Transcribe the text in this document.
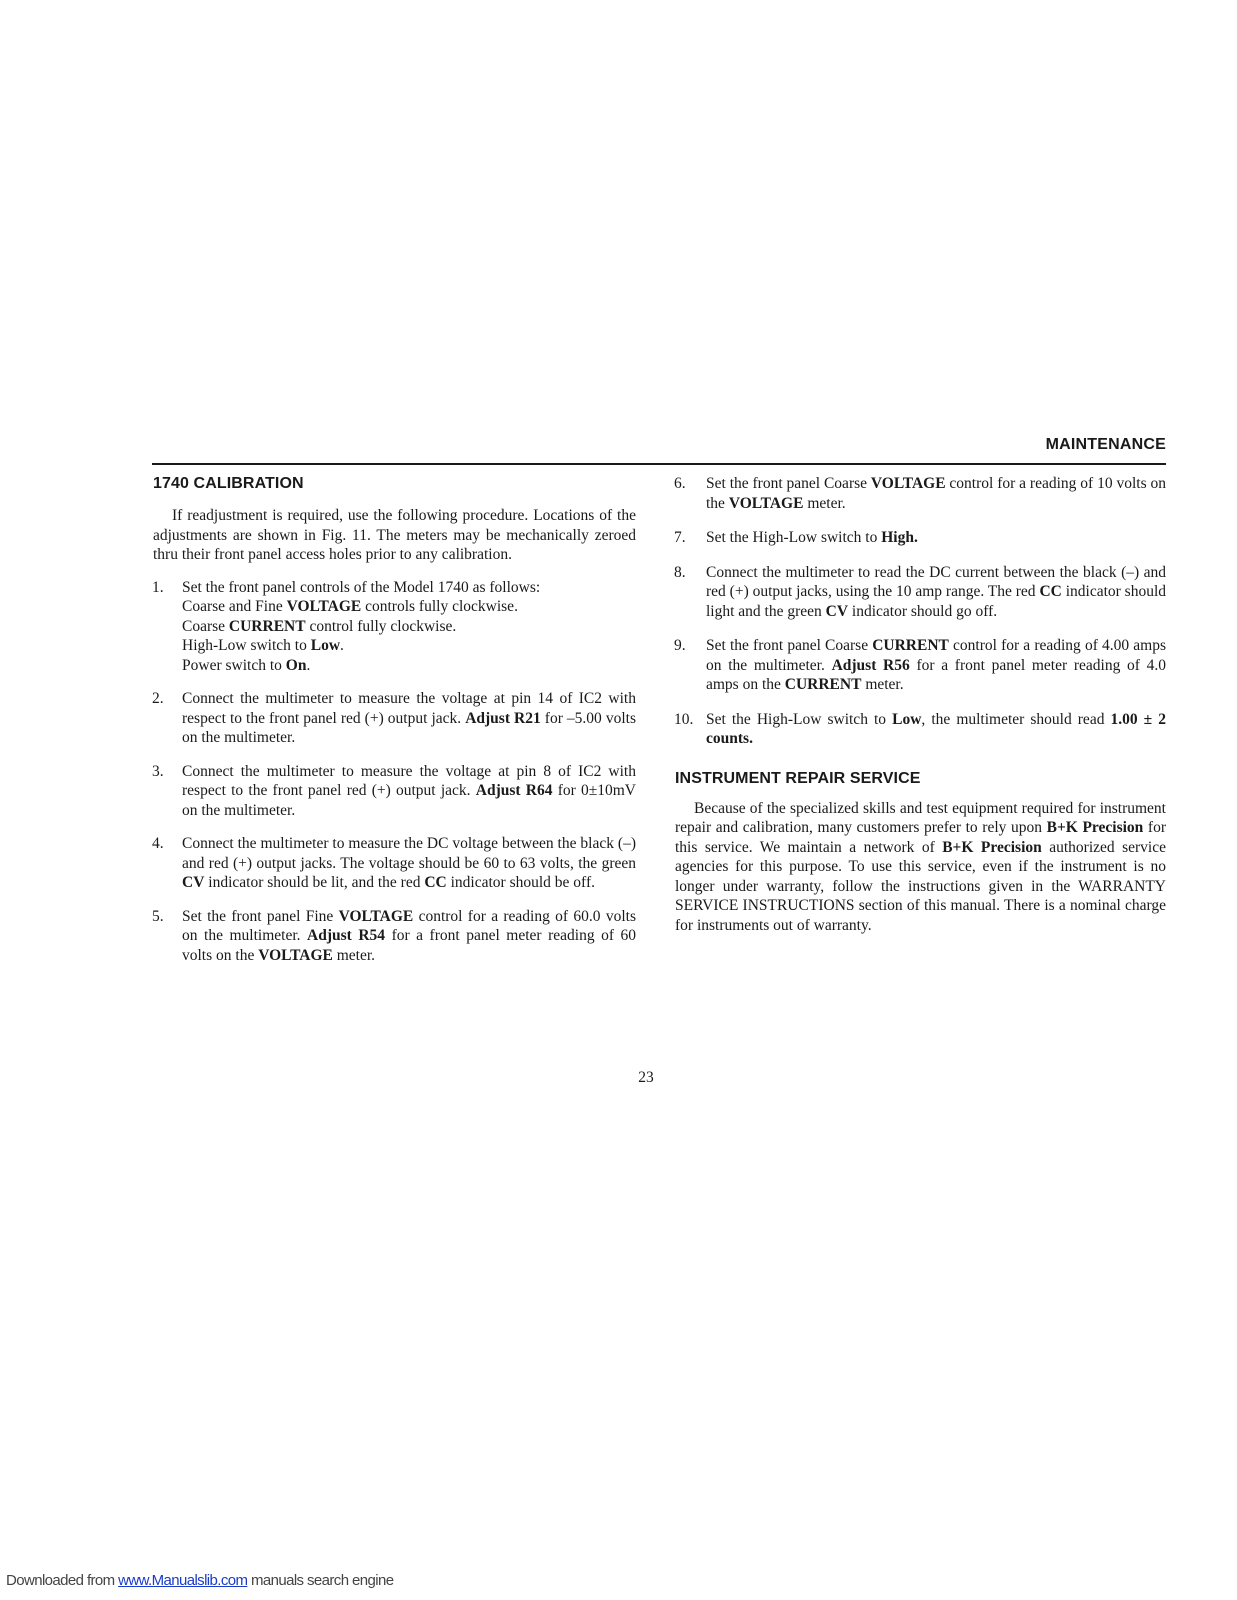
MAINTENANCE
1740 CALIBRATION

If readjustment is required, use the following procedure. Locations of the adjustments are shown in Fig. 11. The meters may be mechanically zeroed thru their front panel access holes prior to any calibration.

1. Set the front panel controls of the Model 1740 as follows:
Coarse and Fine VOLTAGE controls fully clockwise.
Coarse CURRENT control fully clockwise.
High-Low switch to Low.
Power switch to On.
2. Connect the multimeter to measure the voltage at pin 14 of IC2 with respect to the front panel red (+) output jack. Adjust R21 for –5.00 volts on the multimeter.
3. Connect the multimeter to measure the voltage at pin 8 of IC2 with respect to the front panel red (+) output jack. Adjust R64 for 0±10mV on the multimeter.
4. Connect the multimeter to measure the DC voltage between the black (–) and red (+) output jacks. The voltage should be 60 to 63 volts, the green CV indicator should be lit, and the red CC indicator should be off.
5. Set the front panel Fine VOLTAGE control for a reading of 60.0 volts on the multimeter. Adjust R54 for a front panel meter reading of 60 volts on the VOLTAGE meter.
6. Set the front panel Coarse VOLTAGE control for a reading of 10 volts on the VOLTAGE meter.
7. Set the High-Low switch to High.
8. Connect the multimeter to read the DC current between the black (–) and red (+) output jacks, using the 10 amp range. The red CC indicator should light and the green CV indicator should go off.
9. Set the front panel Coarse CURRENT control for a reading of 4.00 amps on the multimeter. Adjust R56 for a front panel meter reading of 4.0 amps on the CURRENT meter.
10. Set the High-Low switch to Low, the multimeter should read 1.00 ± 2 counts.
INSTRUMENT REPAIR SERVICE

Because of the specialized skills and test equipment required for instrument repair and calibration, many customers prefer to rely upon B+K Precision for this service. We maintain a network of B+K Precision authorized service agencies for this purpose. To use this service, even if the instrument is no longer under warranty, follow the instructions given in the WARRANTY SERVICE INSTRUCTIONS section of this manual. There is a nominal charge for instruments out of warranty.

23
Downloaded from www.Manualslib.com manuals search engine
